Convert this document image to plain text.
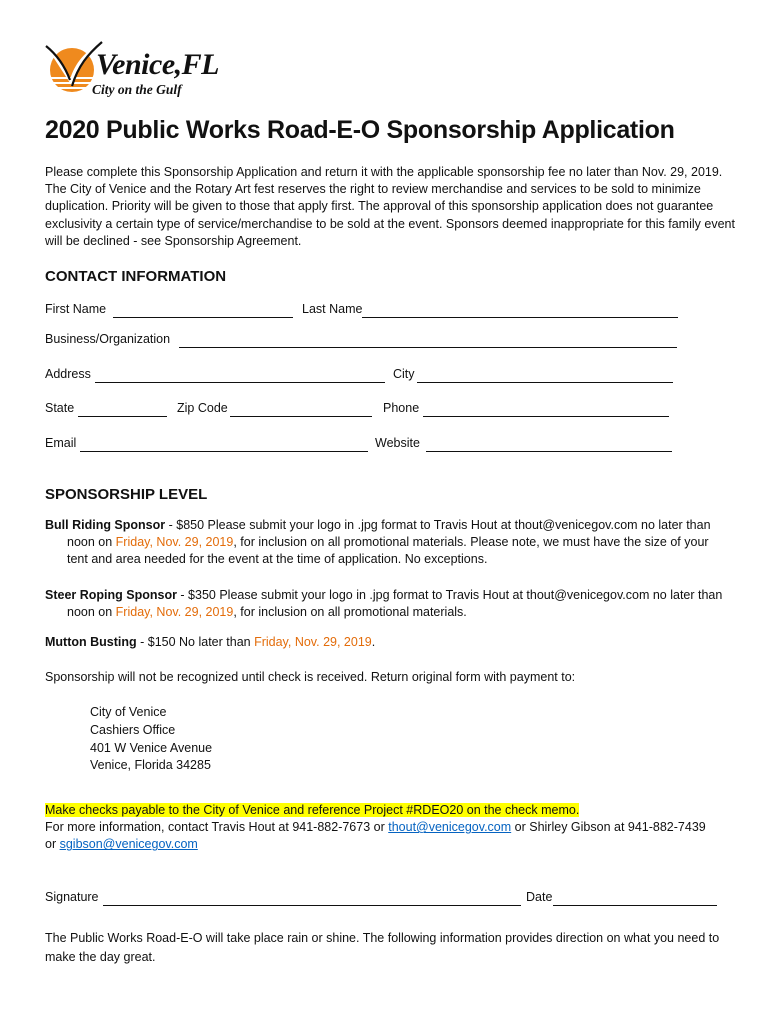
Venice,FL
City on the Gulf
2020 Public Works Road-E-O Sponsorship Application

Please complete this Sponsorship Application and return it with the applicable sponsorship fee no later than Nov. 29, 2019. The City of Venice and the Rotary Art fest reserves the right to review merchandise and services to be sold to minimize duplication. Priority will be given to those that apply first. The approval of this sponsorship application does not guarantee exclusivity a certain type of service/merchandise to be sold at the event. Sponsors deemed inappropriate for this family event will be declined - see Sponsorship Agreement.

CONTACT INFORMATION
First Name	Last Name
Business/Organization
Address	City
State	Zip Code	Phone
Email	Website
SPONSORSHIP LEVEL

Bull Riding Sponsor - $850 Please submit your logo in .jpg format to Travis Hout at thout@venicegov.com no later than
noon on Friday, Nov. 29, 2019, for inclusion on all promotional materials. Please note, we must have the size of your
tent and area needed for the event at the time of application. No exceptions.

Steer Roping Sponsor - $350 Please submit your logo in .jpg format to Travis Hout at thout@venicegov.com no later than
noon on Friday, Nov. 29, 2019, for inclusion on all promotional materials.

Mutton Busting - $150 No later than Friday, Nov. 29, 2019.

Sponsorship will not be recognized until check is received. Return original form with payment to:

City of Venice
Cashiers Office
401 W Venice Avenue
Venice, Florida 34285

Make checks payable to the City of Venice and reference Project #RDEO20 on the check memo.
For more information, contact Travis Hout at 941-882-7673 or thout@venicegov.com or Shirley Gibson at 941-882-7439
or sgibson@venicegov.com

Signature	Date

The Public Works Road-E-O will take place rain or shine. The following information provides direction on what you need to make the day great.
